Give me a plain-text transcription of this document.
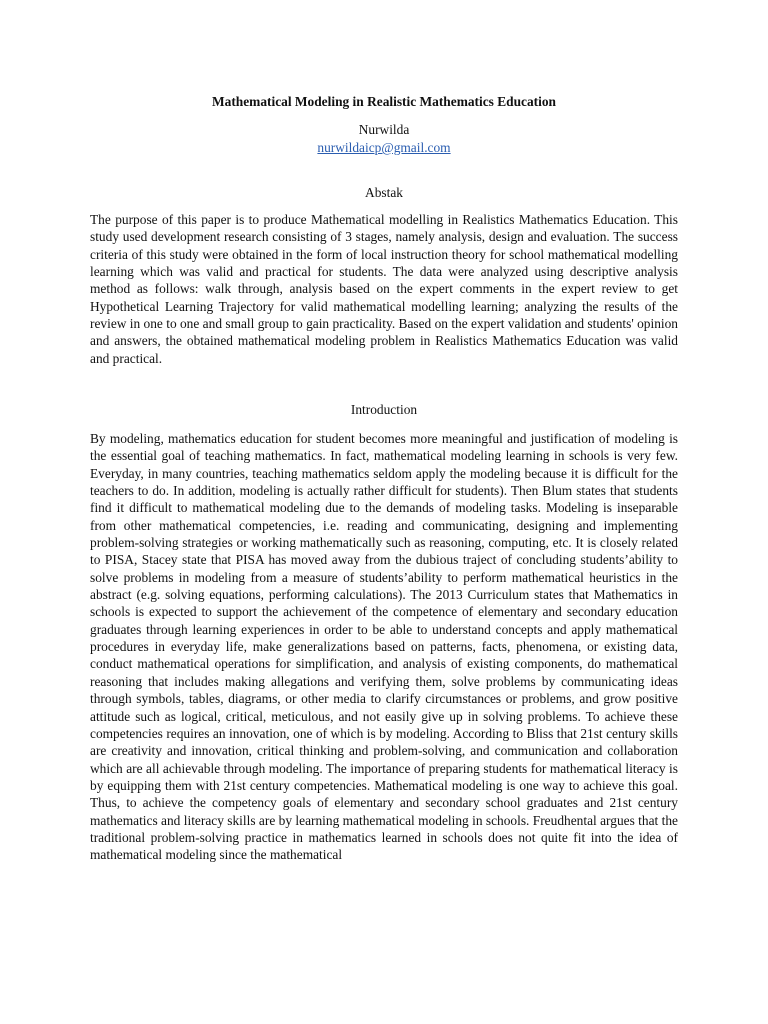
Mathematical Modeling in Realistic Mathematics Education
Nurwilda
nurwildaicp@gmail.com
Abstak

The purpose of this paper is to produce Mathematical modelling in Realistics Mathematics Education. This study used development research consisting of 3 stages, namely analysis, design and evaluation. The success criteria of this study were obtained in the form of local instruction theory for school mathematical modelling learning which was valid and practical for students. The data were analyzed using descriptive analysis method as follows: walk through, analysis based on the expert comments in the expert review to get Hypothetical Learning Trajectory for valid mathematical modelling learning; analyzing the results of the review in one to one and small group to gain practicality. Based on the expert validation and students' opinion and answers, the obtained mathematical modeling problem in Realistics Mathematics Education was valid and practical.

Introduction

By modeling, mathematics education for student becomes more meaningful and justification of modeling is the essential goal of teaching mathematics. In fact, mathematical modeling learning in schools is very few. Everyday, in many countries, teaching mathematics seldom apply the modeling because it is difficult for the teachers to do. In addition, modeling is actually rather difficult for students). Then Blum states that students find it difficult to mathematical modeling due to the demands of modeling tasks. Modeling is inseparable from other mathematical competencies, i.e. reading and communicating, designing and implementing problem-solving strategies or working mathematically such as reasoning, computing, etc. It is closely related to PISA, Stacey state that PISA has moved away from the dubious traject of concluding students’ability to solve problems in modeling from a measure of students’ability to perform mathematical heuristics in the abstract (e.g. solving equations, performing calculations). The 2013 Curriculum states that Mathematics in schools is expected to support the achievement of the competence of elementary and secondary education graduates through learning experiences in order to be able to understand concepts and apply mathematical procedures in everyday life, make generalizations based on patterns, facts, phenomena, or existing data, conduct mathematical operations for simplification, and analysis of existing components, do mathematical reasoning that includes making allegations and verifying them, solve problems by communicating ideas through symbols, tables, diagrams, or other media to clarify circumstances or problems, and grow positive attitude such as logical, critical, meticulous, and not easily give up in solving problems. To achieve these competencies requires an innovation, one of which is by modeling. According to Bliss that 21st century skills are creativity and innovation, critical thinking and problem-solving, and communication and collaboration which are all achievable through modeling. The importance of preparing students for mathematical literacy is by equipping them with 21st century competencies. Mathematical modeling is one way to achieve this goal. Thus, to achieve the competency goals of elementary and secondary school graduates and 21st century mathematics and literacy skills are by learning mathematical modeling in schools. Freudhental argues that the traditional problem-solving practice in mathematics learned in schools does not quite fit into the idea of mathematical modeling since the mathematical
